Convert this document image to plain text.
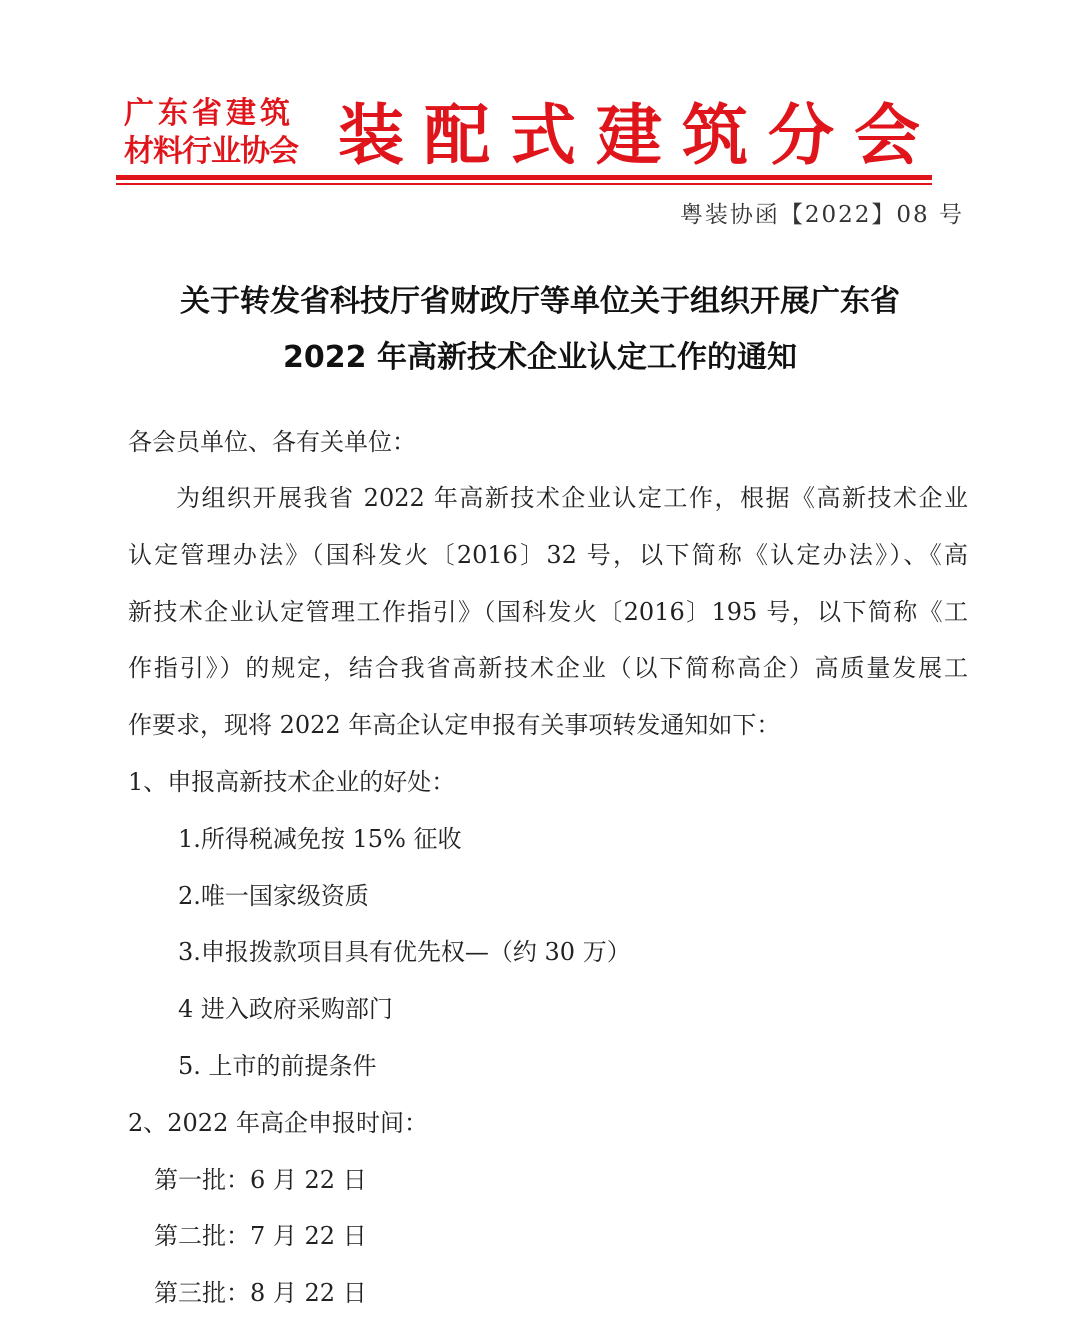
广东省建筑
材料行业协会 装配式建筑分会
粤装协函【2022】08 号
关于转发省科技厅省财政厅等单位关于组织开展广东省
2022 年高新技术企业认定工作的通知
各会员单位、各有关单位：
为组织开展我省 2022 年高新技术企业认定工作，根据《高新技术企业
认定管理办法》（国科发火〔2016〕32 号，以下简称《认定办法》）、《高
新技术企业认定管理工作指引》（国科发火〔2016〕195 号，以下简称《工
作指引》）的规定，结合我省高新技术企业（以下简称高企）高质量发展工
作要求，现将 2022 年高企认定申报有关事项转发通知如下：
1、申报高新技术企业的好处：
1.所得税减免按 15% 征收
2.唯一国家级资质
3.申报拨款项目具有优先权—（约 30 万）
4 进入政府采购部门
5. 上市的前提条件
2、2022 年高企申报时间：
第一批：6 月 22 日
第二批：7 月 22 日
第三批：8 月 22 日
